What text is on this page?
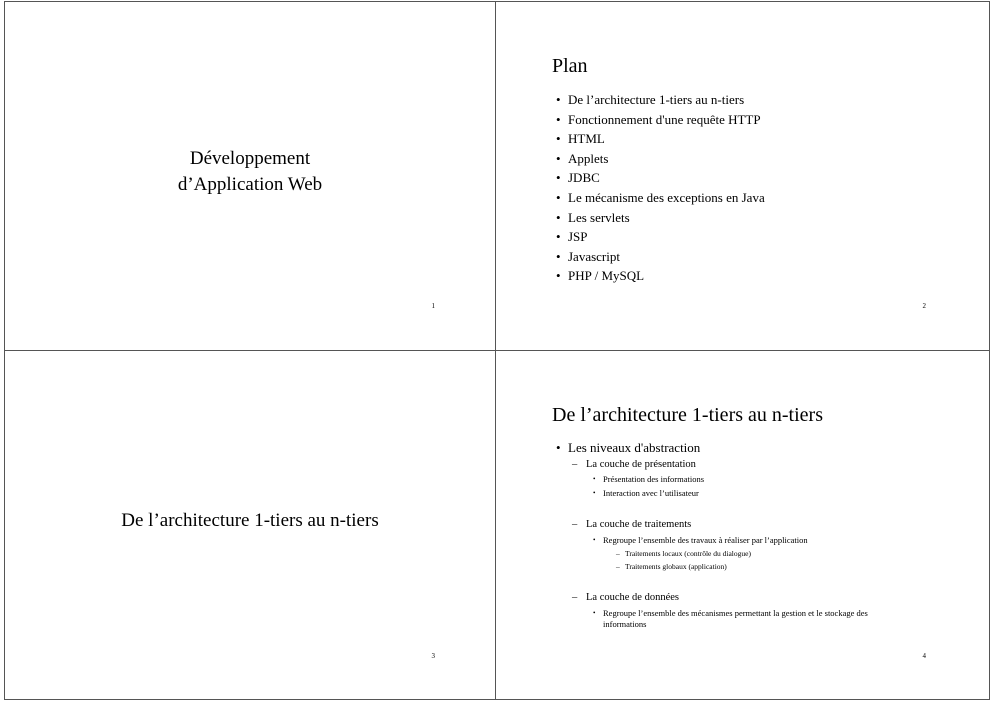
Développement
d’Application Web
1
Plan
• De l’architecture 1-tiers au n-tiers
• Fonctionnement d'une requête HTTP
• HTML
• Applets
• JDBC
• Le mécanisme des exceptions en Java
• Les servlets
• JSP
• Javascript
• PHP / MySQL
2
De l’architecture 1-tiers au n-tiers
3
De l’architecture 1-tiers au n-tiers
• Les niveaux d'abstraction
– La couche de présentation
• Présentation des informations
• Interaction avec l’utilisateur
– La couche de traitements
• Regroupe l’ensemble des travaux à réaliser par l’application
– Traitements locaux (contrôle du dialogue)
– Traitements globaux (application)
– La couche de données
• Regroupe l’ensemble des mécanismes permettant la gestion et le stockage des
informations
4
